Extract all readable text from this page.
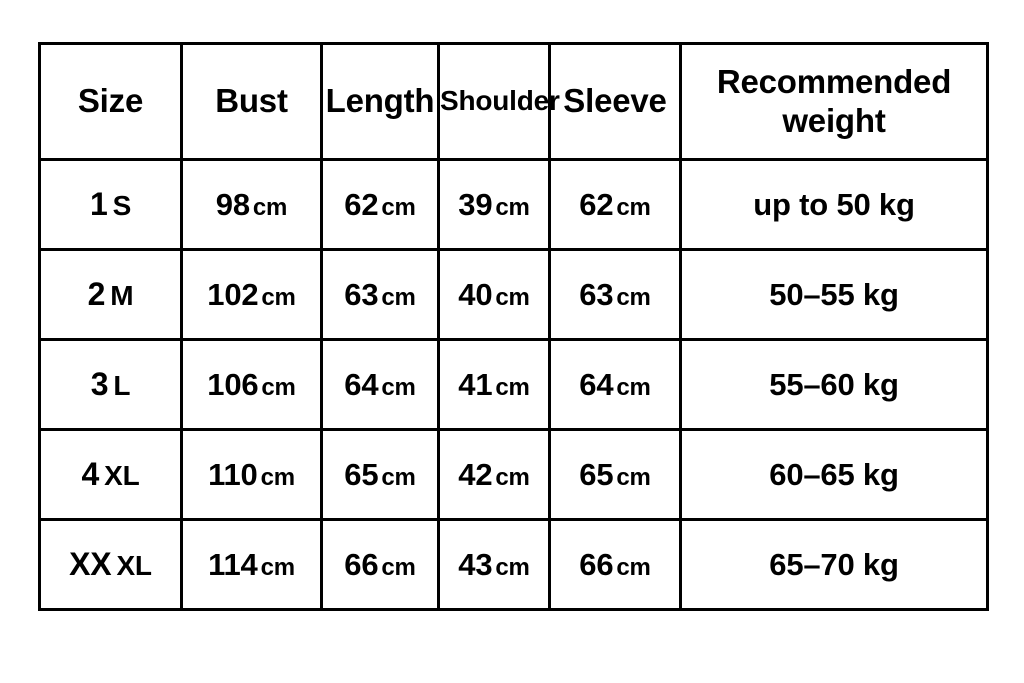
Size	Bust	Length	Shoulder	Sleeve	Recommended weight
1 S	98 cm	62 cm	39 cm	62 cm	up to 50 kg
2 M	102 cm	63 cm	40 cm	63 cm	50–55 kg
3 L	106 cm	64 cm	41 cm	64 cm	55–60 kg
4 XL	110 cm	65 cm	42 cm	65 cm	60–65 kg
XX XL	114 cm	66 cm	43 cm	66 cm	65–70 kg
